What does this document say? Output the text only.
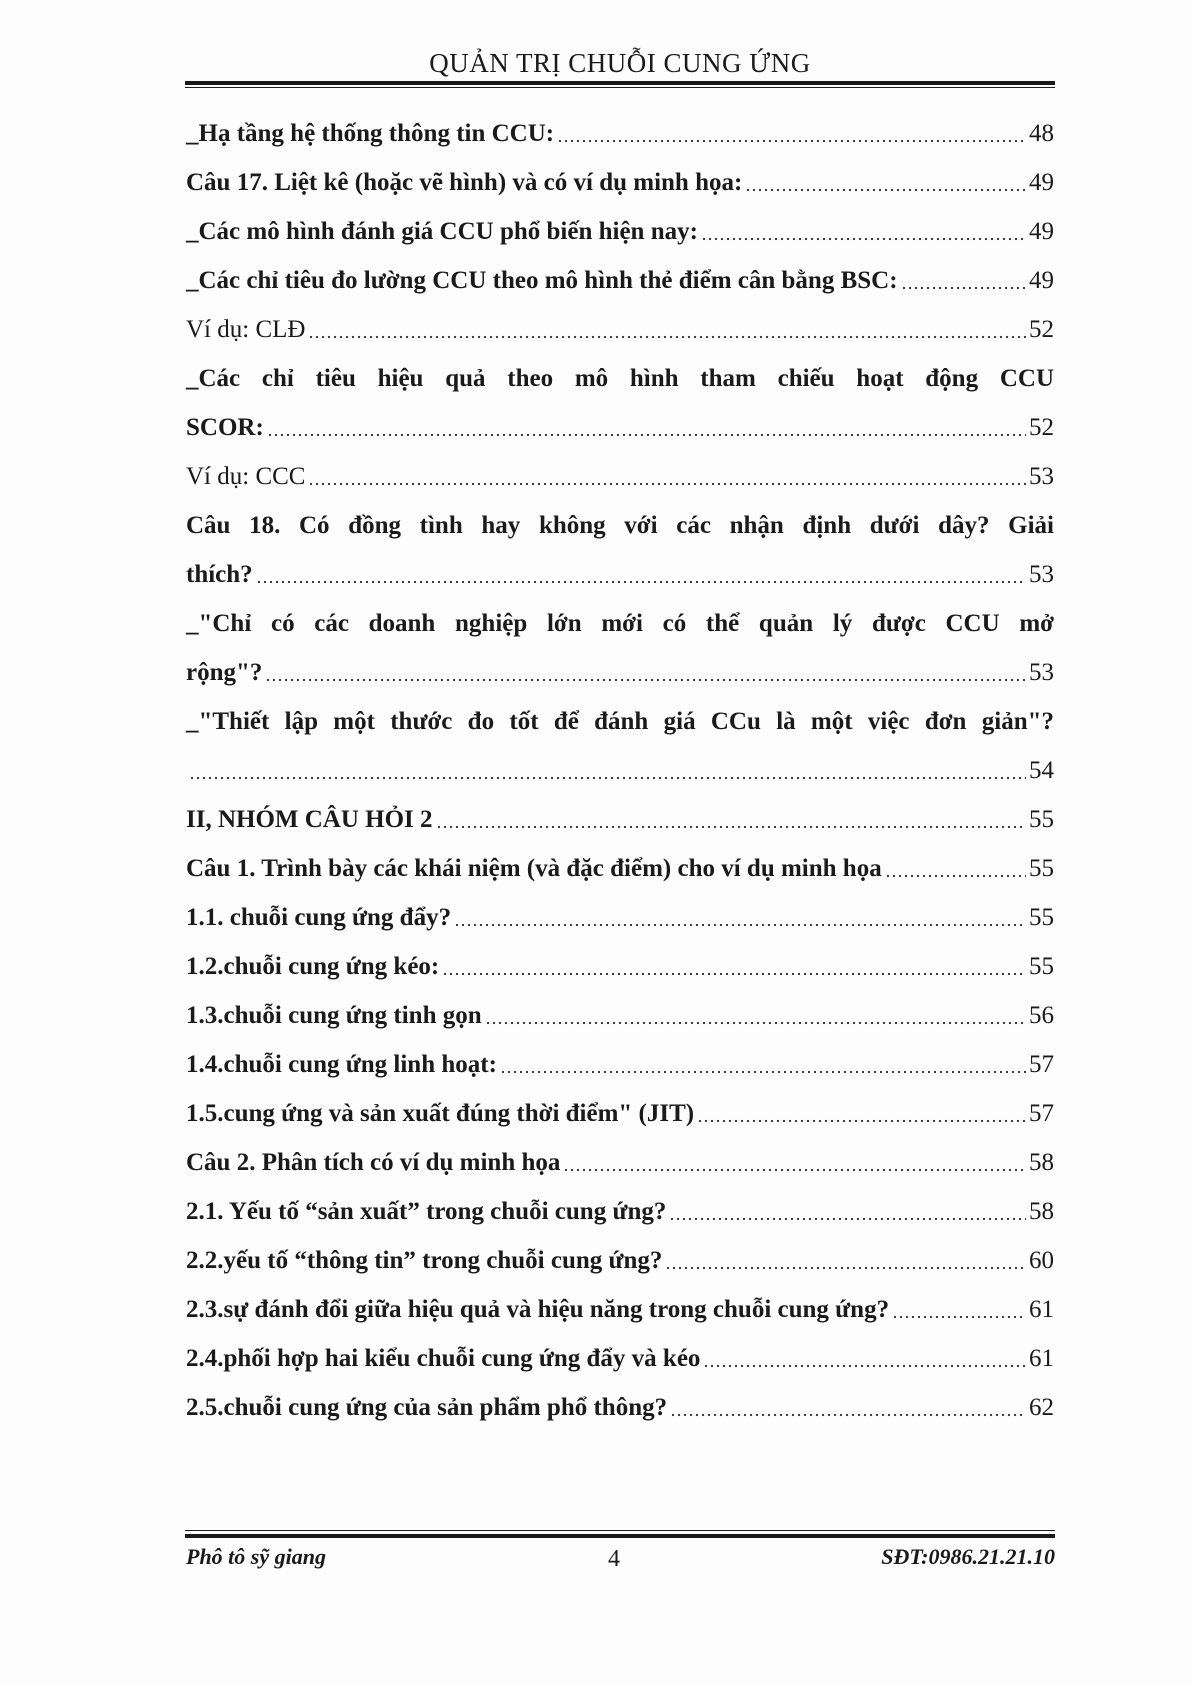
QUẢN TRỊ CHUỖI CUNG ỨNG
_Hạ tầng hệ thống thông tin CCU:	48
Câu 17. Liệt kê (hoặc vẽ hình) và có ví dụ minh họa:	49
_Các mô hình đánh giá CCU phổ biến hiện nay:	49
_Các chỉ tiêu đo lường CCU theo mô hình thẻ điểm cân bằng BSC:	49
Ví dụ: CLĐ	52
_Các chỉ tiêu hiệu quả theo mô hình tham chiếu hoạt động CCU
SCOR:	52
Ví dụ: CCC	53
Câu 18. Có đồng tình hay không với các nhận định dưới dây? Giải
thích?	53
_"Chỉ có các doanh nghiệp lớn mới có thể quản lý được CCU mở
rộng"?	53
_"Thiết lập một thước đo tốt để đánh giá CCu là một việc đơn giản"?
54
II, NHÓM CÂU HỎI 2	55
Câu 1. Trình bày các khái niệm (và đặc điểm) cho ví dụ minh họa	55
1.1. chuỗi cung ứng đẩy?	55
1.2.chuỗi cung ứng kéo:	55
1.3.chuỗi cung ứng tinh gọn	56
1.4.chuỗi cung ứng linh hoạt:	57
1.5.cung ứng và sản xuất đúng thời điểm" (JIT)	57
Câu 2. Phân tích có ví dụ minh họa	58
2.1. Yếu tố “sản xuất” trong chuỗi cung ứng?	58
2.2.yếu tố “thông tin” trong chuỗi cung ứng?	60
2.3.sự đánh đổi giữa hiệu quả và hiệu năng trong chuỗi cung ứng?	61
2.4.phối hợp hai kiểu chuỗi cung ứng đẩy và kéo	61
2.5.chuỗi cung ứng của sản phẩm phổ thông?	62
Phô tô sỹ giang	4	SĐT:0986.21.21.10
